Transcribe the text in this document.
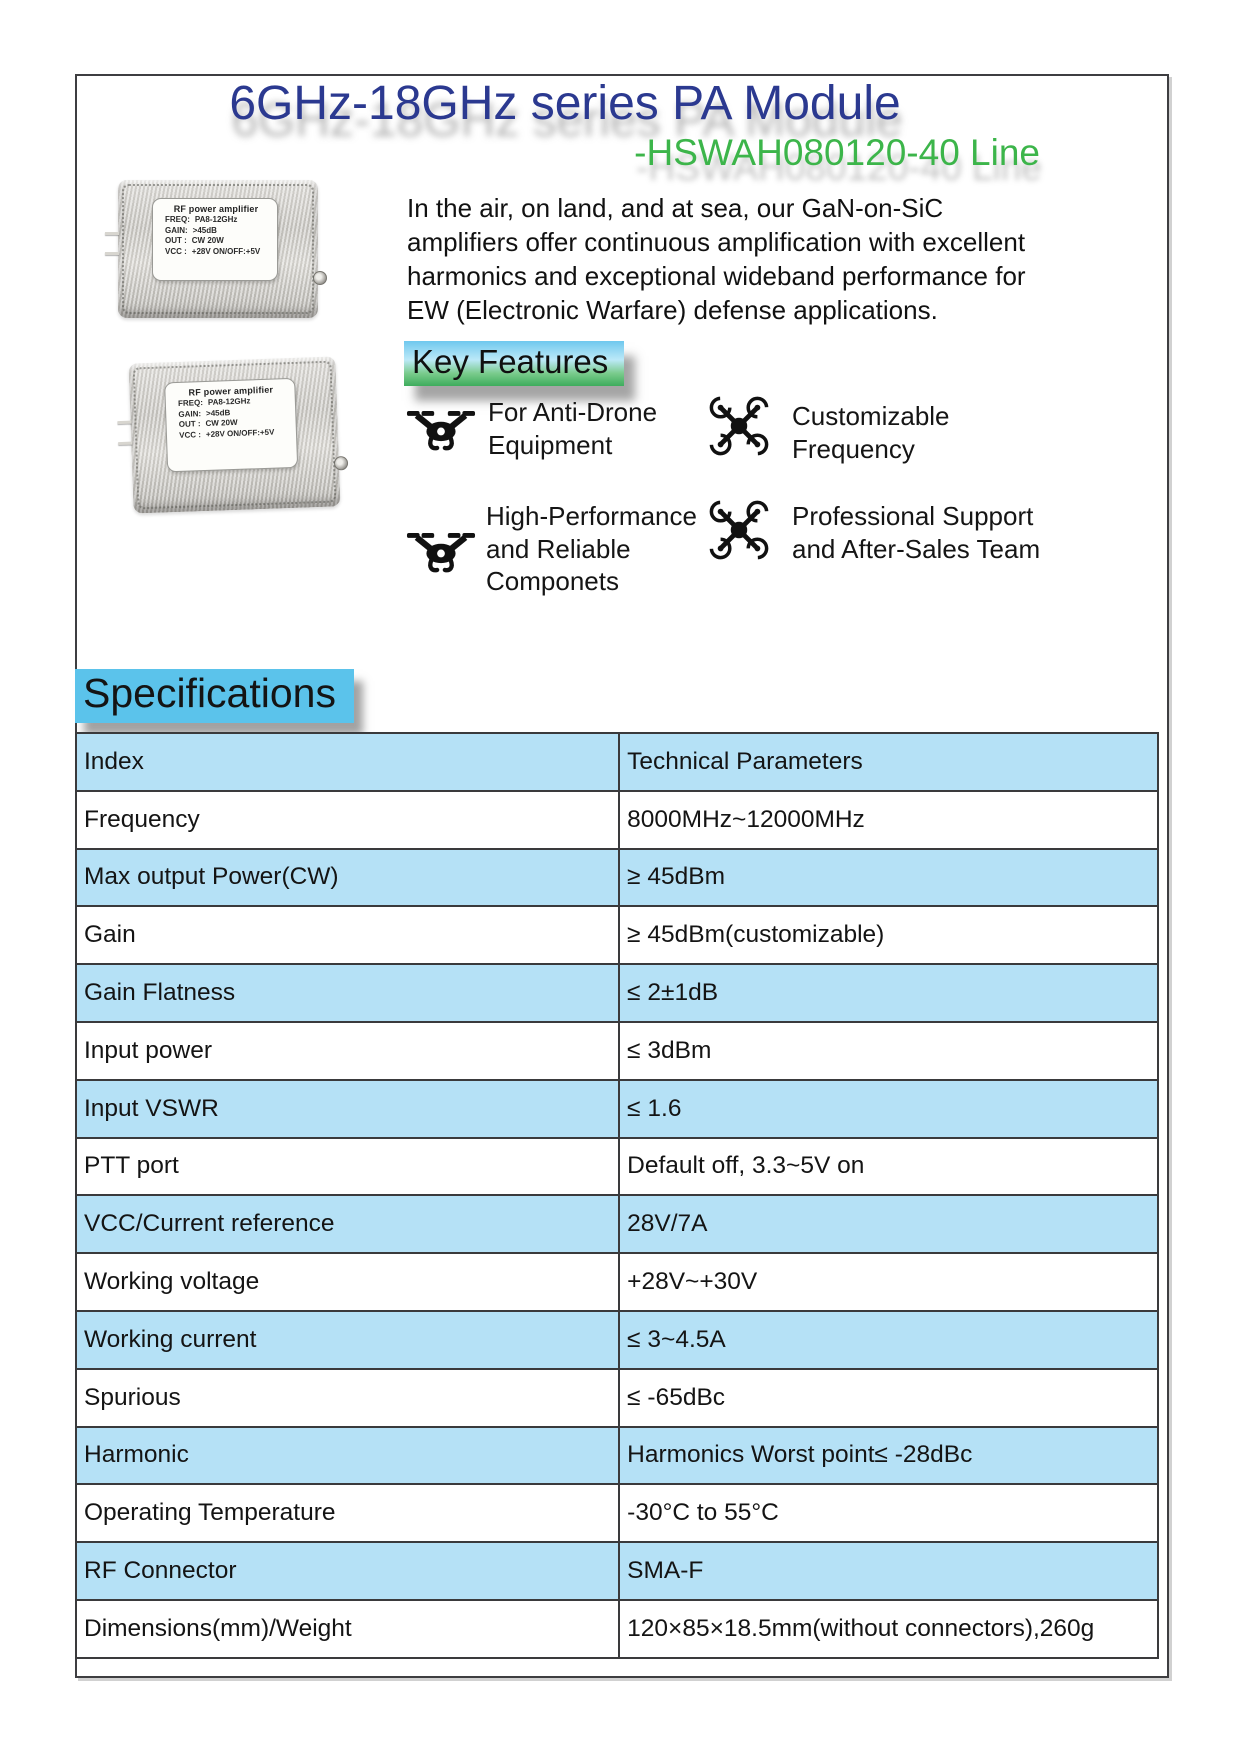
6GHz-18GHz series PA Module
-HSWAH080120-40 Line
RF power amplifier
FREQ: PA8-12GHz
GAIN: >45dB
OUT : CW 20W
VCC : +28V ON/OFF:+5V
RF power amplifier
FREQ: PA8-12GHz
GAIN: >45dB
OUT : CW 20W
VCC : +28V ON/OFF:+5V
In the air, on land, and at sea, our GaN-on-SiC amplifiers offer continuous amplification with excellent harmonics and exceptional wideband performance for EW (Electronic Warfare) defense applications.
Key Features
For Anti-Drone Equipment
Customizable Frequency
High-Performance and Reliable Componets
Professional Support and After-Sales Team
Specifications
Index	Technical Parameters
Frequency	8000MHz~12000MHz
Max output Power(CW)	≥ 45dBm
Gain	≥ 45dBm(customizable)
Gain Flatness	≤ 2±1dB
Input power	≤ 3dBm
Input VSWR	≤ 1.6
PTT port	Default off, 3.3~5V on
VCC/Current reference	28V/7A
Working voltage	+28V~+30V
Working current	≤ 3~4.5A
Spurious	≤ -65dBc
Harmonic	Harmonics Worst point≤ -28dBc
Operating Temperature	-30°C to 55°C
RF Connector	SMA-F
Dimensions(mm)/Weight	120×85×18.5mm(without connectors),260g
